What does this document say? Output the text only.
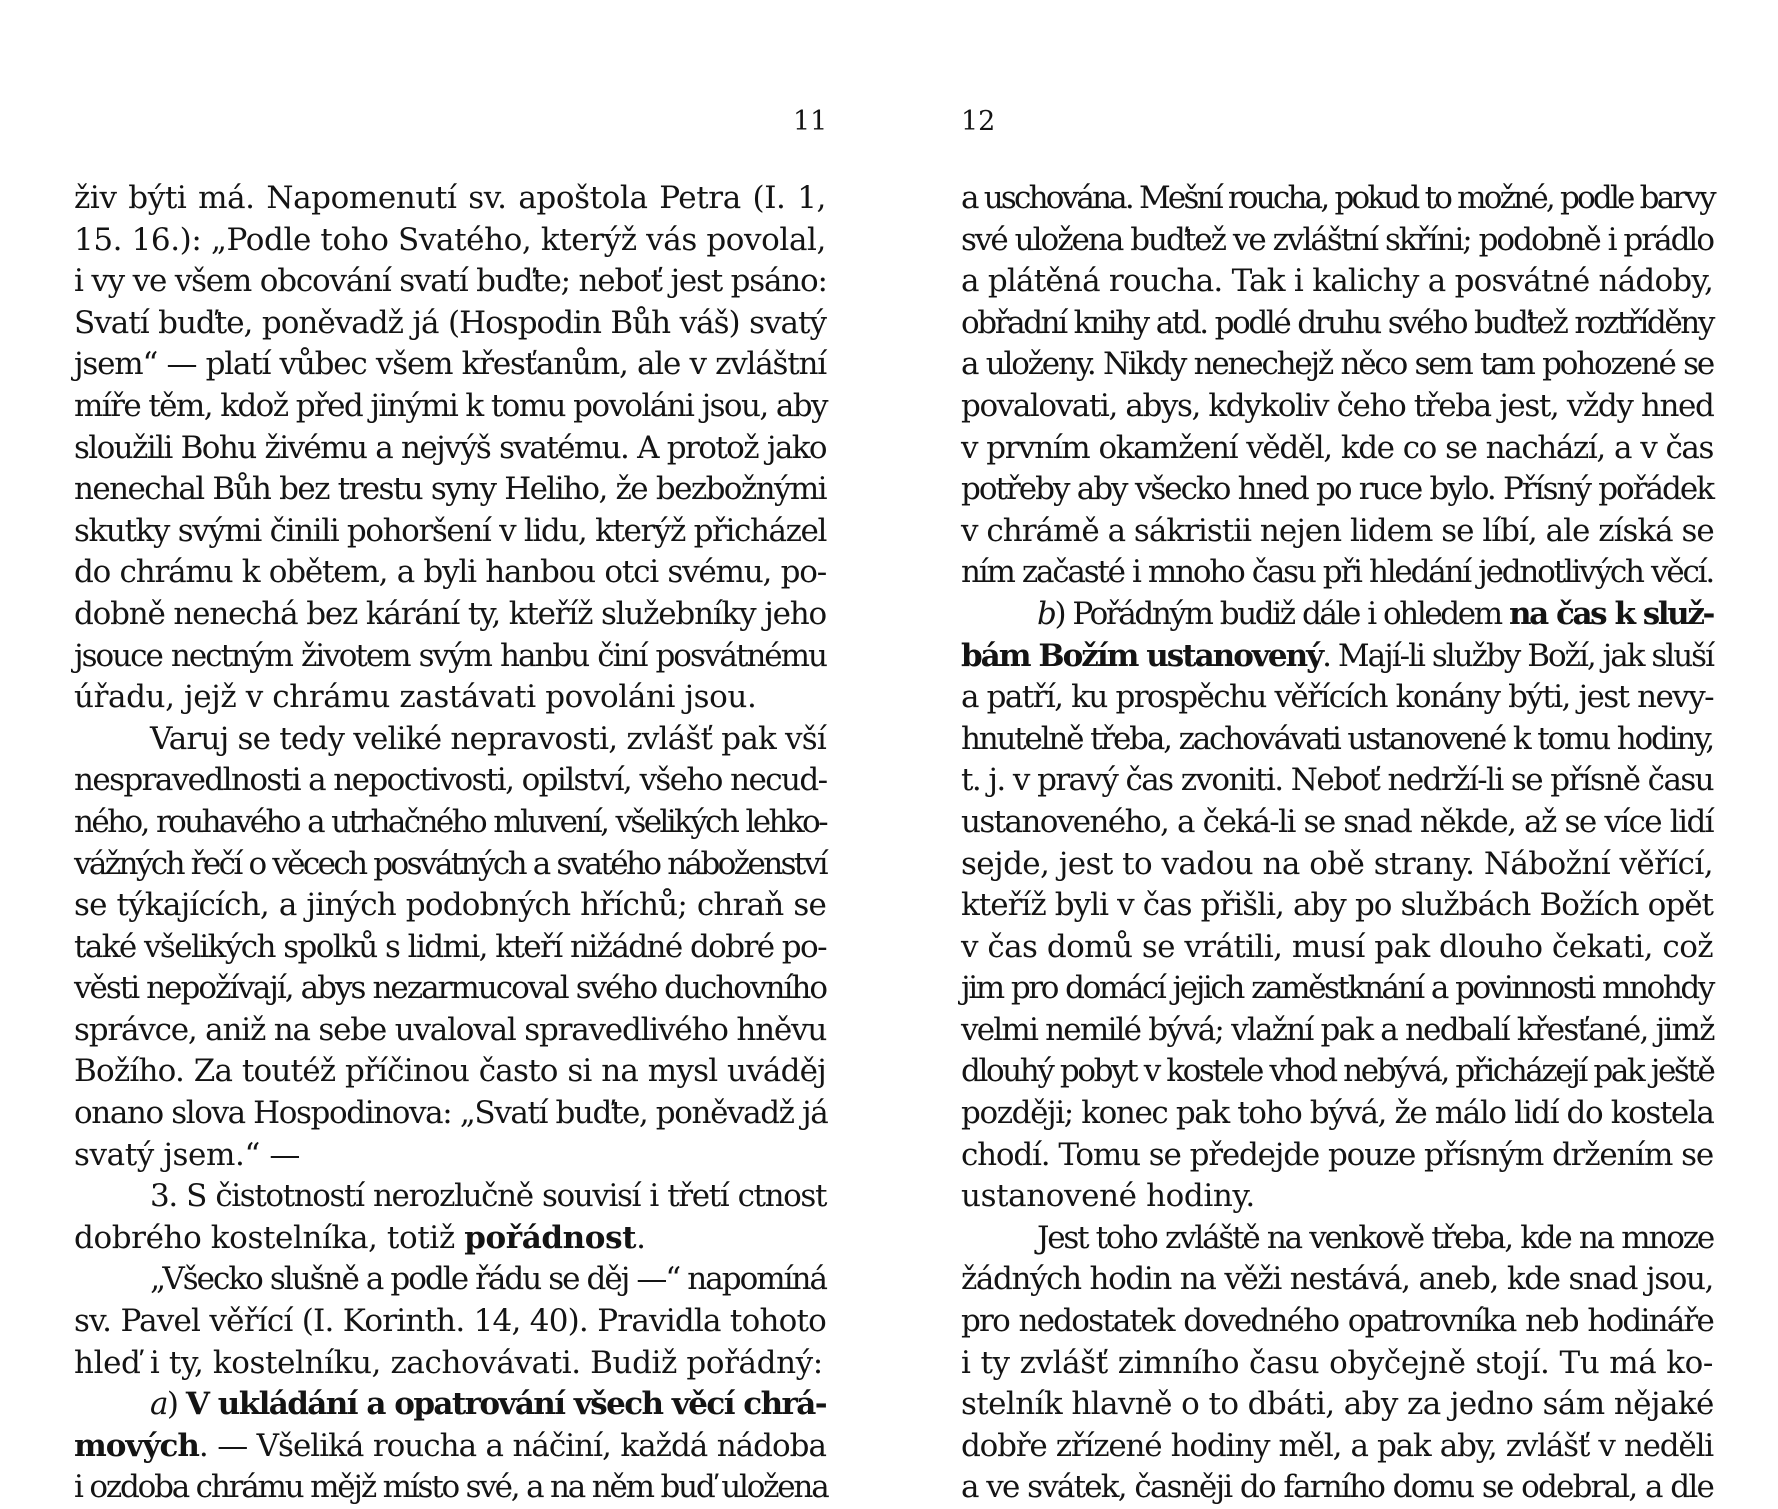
11
živ býti má. Napomenutí sv. apoštola Petra (I. 1,
15. 16.): „Podle toho Svatého, kterýž vás povolal,
i vy ve všem obcování svatí buďte; neboť jest psáno:
Svatí buďte, poněvadž já (Hospodin Bůh váš) svatý
jsem“ — platí vůbec všem křesťanům, ale v zvláštní
míře těm, kdož před jinými k tomu povoláni jsou, aby
sloužili Bohu živému a nejvýš svatému. A protož jako
nenechal Bůh bez trestu syny Heliho, že bezbožnými
skutky svými činili pohoršení v lidu, kterýž přicházel
do chrámu k obětem, a byli hanbou otci svému, po-
dobně nenechá bez kárání ty, kteříž služebníky jeho
jsouce nectným životem svým hanbu činí posvátnému
úřadu, jejž v chrámu zastávati povoláni jsou.
Varuj se tedy veliké nepravosti, zvlášť pak vší
nespravedlnosti a nepoctivosti, opilství, všeho necud-
ného, rouhavého a utrhačného mluvení, všelikých lehko-
vážných řečí o věcech posvátných a svatého náboženství
se týkajících, a jiných podobných hříchů; chraň se
také všelikých spolků s lidmi, kteří nižádné dobré po-
věsti nepožívají, abys nezarmucoval svého duchovního
správce, aniž na sebe uvaloval spravedlivého hněvu
Božího. Za toutéž příčinou často si na mysl uváděj
onano slova Hospodinova: „Svatí buďte, poněvadž já
svatý jsem.“ —
3. S čistotností nerozlučně souvisí i třetí ctnost
dobrého kostelníka, totiž pořádnost.
„Všecko slušně a podle řádu se děj —“ napomíná
sv. Pavel věřící (I. Korinth. 14, 40). Pravidla tohoto
hleď i ty, kostelníku, zachovávati. Budiž pořádný:
a) V ukládání a opatrování všech věcí chrá-
mových. — Všeliká roucha a náčiní, každá nádoba
i ozdoba chrámu mějž místo své, a na něm buď uložena
12
a uschována. Mešní roucha, pokud to možné, podle barvy
své uložena buďtež ve zvláštní skříni; podobně i prádlo
a plátěná roucha. Tak i kalichy a posvátné nádoby,
obřadní knihy atd. podlé druhu svého buďtež roztříděny
a uloženy. Nikdy nenechejž něco sem tam pohozené se
povalovati, abys, kdykoliv čeho třeba jest, vždy hned
v prvním okamžení věděl, kde co se nachází, a v čas
potřeby aby všecko hned po ruce bylo. Přísný pořádek
v chrámě a sákristii nejen lidem se líbí, ale získá se
ním začasté i mnoho času při hledání jednotlivých věcí.
b) Pořádným budiž dále i ohledem na čas k služ-
bám Božím ustanovený. Mají-li služby Boží, jak sluší
a patří, ku prospěchu věřících konány býti, jest nevy-
hnutelně třeba, zachovávati ustanovené k tomu hodiny,
t. j. v pravý čas zvoniti. Neboť nedrží-li se přísně času
ustanoveného, a čeká-li se snad někde, až se více lidí
sejde, jest to vadou na obě strany. Nábožní věřící,
kteříž byli v čas přišli, aby po službách Božích opět
v čas domů se vrátili, musí pak dlouho čekati, což
jim pro domácí jejich zaměstknání a povinnosti mnohdy
velmi nemilé bývá; vlažní pak a nedbalí křesťané, jimž
dlouhý pobyt v kostele vhod nebývá, přicházejí pak ještě
později; konec pak toho bývá, že málo lidí do kostela
chodí. Tomu se předejde pouze přísným držením se
ustanovené hodiny.
Jest toho zvláště na venkově třeba, kde na mnoze
žádných hodin na věži nestává, aneb, kde snad jsou,
pro nedostatek dovedného opatrovníka neb hodináře
i ty zvlášť zimního času obyčejně stojí. Tu má ko-
stelník hlavně o to dbáti, aby za jedno sám nějaké
dobře zřízené hodiny měl, a pak aby, zvlášť v neděli
a ve svátek, časněji do farního domu se odebral, a dle
